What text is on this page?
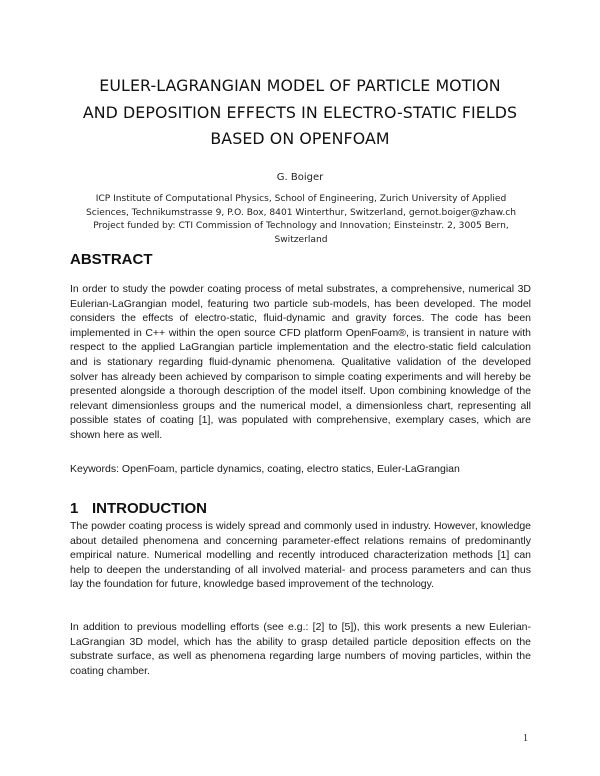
EULER-LAGRANGIAN MODEL OF PARTICLE MOTION
AND DEPOSITION EFFECTS IN ELECTRO-STATIC FIELDS
BASED ON OPENFOAM
G. Boiger
ICP Institute of Computational Physics, School of Engineering, Zurich University of Applied
Sciences, Technikumstrasse 9, P.O. Box, 8401 Winterthur, Switzerland, gernot.boiger@zhaw.ch
Project funded by: CTI Commission of Technology and Innovation; Einsteinstr. 2, 3005 Bern,
Switzerland
ABSTRACT
In order to study the powder coating process of metal substrates, a comprehensive, numerical 3D Eulerian-LaGrangian model, featuring two particle sub-models, has been developed. The model considers the effects of electro-static, fluid-dynamic and gravity forces. The code has been implemented in C++ within the open source CFD platform OpenFoam®, is transient in nature with respect to the applied LaGrangian particle implementation and the electro-static field calculation and is stationary regarding fluid-dynamic phenomena. Qualitative validation of the developed solver has already been achieved by comparison to simple coating experiments and will hereby be presented alongside a thorough description of the model itself. Upon combining knowledge of the relevant dimensionless groups and the numerical model, a dimensionless chart, representing all possible states of coating [1], was populated with comprehensive, exemplary cases, which are shown here as well.
Keywords: OpenFoam, particle dynamics, coating, electro statics, Euler-LaGrangian
1 INTRODUCTION
The powder coating process is widely spread and commonly used in industry. However, knowledge about detailed phenomena and concerning parameter-effect relations remains of predominantly empirical nature. Numerical modelling and recently introduced characterization methods [1] can help to deepen the understanding of all involved material- and process parameters and can thus lay the foundation for future, knowledge based improvement of the technology.
In addition to previous modelling efforts (see e.g.: [2] to [5]), this work presents a new Eulerian-LaGrangian 3D model, which has the ability to grasp detailed particle deposition effects on the substrate surface, as well as phenomena regarding large numbers of moving particles, within the coating chamber.
1
